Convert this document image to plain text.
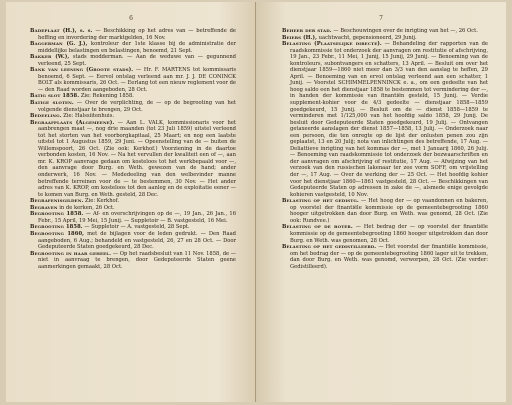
6
Badeplaat (H.), s. s. — Beschikking op het adres van — betreffende de heffing en invordering der marktgelden, 16 Nov.
Baggerman (G. J.), kontroleur der 1ste klasse bij de administratie der middellijke belastingen en belastingen, benoemd, 21 Sept.
Bakker (W.), stads modderman. — Aan de weduwe van — gegunnend verleend, 25 Sept.
Bank van leening (Groote stads). — Hr. F. MARTENS tot kommissaris benoemd, 6 Sept. — Eervol ontslag verleend aan mr. J. J. DE CONINCK BOLT als kommissaris, 26 Oct. — Eerlang tot een nieuw reglement voor de — den Raad worden aangeboden, 28 Oct.
Batig slot 1858. Zie: Rekening 1858.
Batige sloten. — Over de verplichting, de — op de begrooting van het volgende dienstjaar te brengen, 29 Oct.
Bedeeling. Zie: Halssiitenhuis.
Begraafplaats (Algemeene). — Aan L. VALK, kommissionaris voor het aanbrengen maat —, nog drie maanden (tot 23 Juli 1859) uitstel verleend tot het storten van het voorborgkapitaal, 25 Maart; en nog een laatste uitstel tot 1 Augustus 1859, 29 Juni. — Opeenstelling van de — buiten de Willemspoort, 26 Oct. (Zie ook: Kerkhof.) Voorziening in de daartoe verbonden kosten, 16 Nov. — Na het vervullen der kwaliteit een of —, aan mr. K. KROP aanvrage gedaan om kosteloos tot het werkbepaald voor —, den aanvrage door Burg. en Weth. gewezen van de hand; ander onderwerk, 16 Nov. — Mededeeling van den welbevinder manne betreffende terreinen voor de — te bestemmen, 30 Nov. — Het ander adres van K. KROP, om kosteloos tot den aanleg en de exploitatie eener — te komen van Burg. en Weth. gesteld, 28 Dec.
Begrafenisgilden. Zie: Kerkhof.
Begraven in de kerken, 26 Oct.
Begrooting 1858. — Af- en overschrijvingen op de —, 19 Jan., 26 Jan., 16 Febr., 15 April, 19 Mei, 15 Junij. — Suppletoir — B. vastgesteld, 16 Mei.
Begrooting 1858. — Suppletoir — A. vastgesteld, 28 Sept.
Begrooting 1860, met de bijlagen voor de leden gedrukt. — Den Raad aangeboden, 6 Aug.; behandeld en vastgesteld, 26, 27 en 28 Oct. — Door Gedeputeerde Staten goedgekeurd, 28 Dec.
Begrooting in haar geheel. — Op het raadsbesluit van 11 Nov. 1858, de — niet in aanvraag te brengen, door Gedeputeerde Staten geene aanmerkingen gemaakt, 28 Oct.
7
Beheer der stad. — Beschouwingen over de inrigting van het —, 26 Oct.
Beiers (H.), uachtwacht, gepensioneerd, 29 Junij.
Belasting (Plaatselijke directe). — Behandeling der rapporten van de raadskommissie tot onderzoek der aanvragen om restitutie of afschrijving, 19 Jan., 23 Febr., 11 Mei, 1 Junij, 15 Junij, 29 Junij. — Benoeming van de kontroleurs, subontvangers en schatters, 13 April. — Besluit om over het dienstjaar 1859—1860 niet meer dan 3/3 van den aanslag te heffen, 29 April. — Benoeming van en ervol ontslag verleend aan een schatter, 1 Junij. — Voorstel SCHIMMELPENNINCK e. a., om een gedeelte van het hoog saldo een het dienstjaar 1858 te bestemmen tot vermindering der —, in handen der kommissie van finantiën gesteld, 15 Junij. — Verdie supplement-kohier voor de 4/3 gedeelte — dienstjaar 1858—1859 goedgekeurd, 15 Junij. — Besluit om de — dienst 1858—1859 te verminderen met 1/125,000 van het hoofdig saldo 1858, 29 Junij. De besluit door Gedeputeerde Staten goedgekeurd, 19 Julij. — Ontvangen getaxeerde aanslagen der dienst 1857—1858, 13 Julij. — Onderzoek naar een persoon, die ten onregte op de lijst der onlusten penen zou zijn geplaatst, 13 en 20 Julij; nota van inlichtingen des betreffende, 17 Aug. — Deliattieve inrigting van het kommas der —, met 1 Januarij 1860, 26 Julij. — Benoeming van raadskommissie tot onderzoek der bezwaarschriften en der aanvragen om afschrijving of restitutie, 17 Aug. — Afwijzing van het verzoek van den russischen lakenaar ter zee vorm SOFF, om vrijstelling der —, 17 Aug. — Over de werking der — 25 Oct. — Het hoofdig kohier voor het dienstjaar 1860—1861 vastgesteld, 28 Oct. — Beschikkingen van Gedeputeerde Staten op adressen in zake de —, alsmede enige gevolgde kohieren vastgesteld, 10 Nov.
Belasting op het gedistg. — Het hoog der — op vaandonnen en bakeren, op voorstel der finantiële kommissie op de gemeentebegrooting 1860 hooger uitgetrokken dan door Burg. en Weth. was genomd, 28 Oct. (Zie ook: Rundvee.)
Belasting op de boter. — Het bedrag der — op voorstel der finantiële kommissie op de gemeentebegrooting 1860 hooger uitgetrokken dan door Burg. en Weth. was genomen, 28 Oct.
Belasting op het gedistilleerd. — Het voorstel der finantiële kommissie, om het bedrag der — op de gemeentebegrooting 1860 lager uit te trekken, dan door Burg. en Weth. was genomd, verworpen, 28 Oct. (Zie verder: Gedistilleerd).
